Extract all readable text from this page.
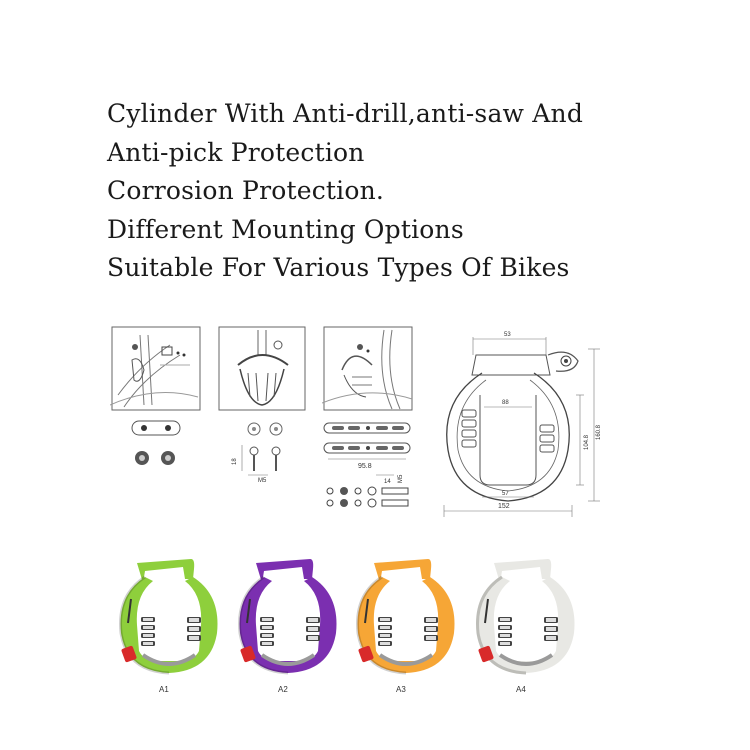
Cylinder With Anti-drill,anti-saw And
Anti-pick Protection
Corrosion Protection.
Different Mounting Options
Suitable For Various Types Of Bikes
18
M5
95.8
14 M5
53
88
57
152
104.8
160.8
A1	A2	A3	A4
